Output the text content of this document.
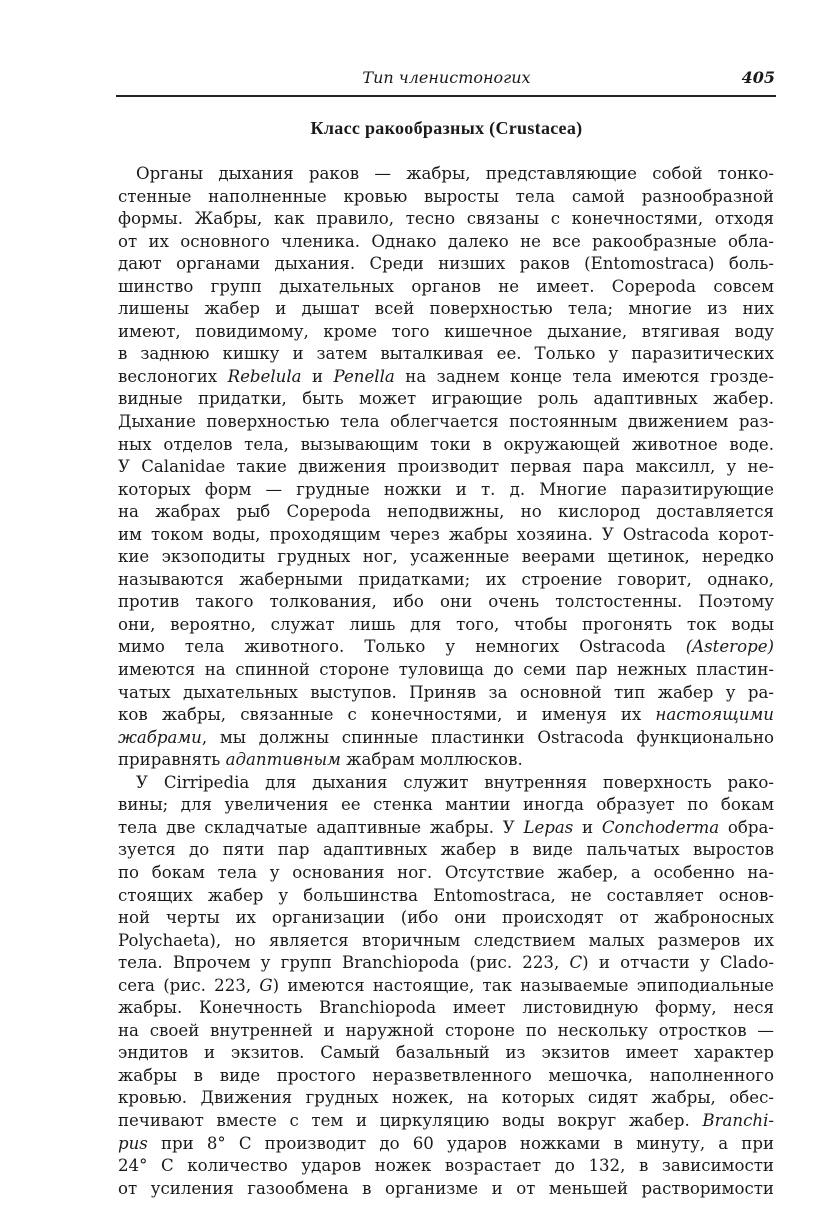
Тип членистоногих	405
Класс ракообразных (Crustacea)
Органы дыхания раков — жабры, представляющие собой тонко-
стенные наполненные кровью выросты тела самой разнообразной
формы. Жабры, как правило, тесно связаны с конечностями, отходя
от их основного членика. Однако далеко не все ракообразные обла-
дают органами дыхания. Среди низших раков (Entomostraca) боль-
шинство групп дыхательных органов не имеет. Copepoda совсем
лишены жабер и дышат всей поверхностью тела; многие из них
имеют, повидимому, кроме того кишечное дыхание, втягивая воду
в заднюю кишку и затем выталкивая ее. Только у паразитических
веслоногих Rebelula и Penella на заднем конце тела имеются грозде-
видные придатки, быть может играющие роль адаптивных жабер.
Дыхание поверхностью тела облегчается постоянным движением раз-
ных отделов тела, вызывающим токи в окружающей животное воде.
У Calanidae такие движения производит первая пара максилл, у не-
которых форм — грудные ножки и т. д. Многие паразитирующие
на жабрах рыб Copepoda неподвижны, но кислород доставляется
им током воды, проходящим через жабры хозяина. У Ostracoda корот-
кие экзоподиты грудных ног, усаженные веерами щетинок, нередко
называются жаберными придатками; их строение говорит, однако,
против такого толкования, ибо они очень толстостенны. Поэтому
они, вероятно, служат лишь для того, чтобы прогонять ток воды
мимо тела животного. Только у немногих Ostracoda (Asterope)
имеются на спинной стороне туловища до семи пар нежных пластин-
чатых дыхательных выступов. Приняв за основной тип жабер у ра-
ков жабры, связанные с конечностями, и именуя их настоящими
жабрами, мы должны спинные пластинки Ostracoda функционально
приравнять адаптивным жабрам моллюсков.
У Cirripedia для дыхания служит внутренняя поверхность рако-
вины; для увеличения ее стенка мантии иногда образует по бокам
тела две складчатые адаптивные жабры. У Lepas и Conchoderma обра-
зуется до пяти пар адаптивных жабер в виде пальчатых выростов
по бокам тела у основания ног. Отсутствие жабер, а особенно на-
стоящих жабер у большинства Entomostraca, не составляет основ-
ной черты их организации (ибо они происходят от жаброносных
Polychaeta), но является вторичным следствием малых размеров их
тела. Впрочем у групп Branchiopoda (рис. 223, C) и отчасти у Clado-
cera (рис. 223, G) имеются настоящие, так называемые эпиподиальные
жабры. Конечность Branchiopoda имеет листовидную форму, неся
на своей внутренней и наружной стороне по нескольку отростков —
эндитов и экзитов. Самый базальный из экзитов имеет характер
жабры в виде простого неразветвленного мешочка, наполненного
кровью. Движения грудных ножек, на которых сидят жабры, обес-
печивают вместе с тем и циркуляцию воды вокруг жабер. Branchi-
pus при 8° C производит до 60 ударов ножками в минуту, а при
24° C количество ударов ножек возрастает до 132, в зависимости
от усиления газообмена в организме и от меньшей растворимости
